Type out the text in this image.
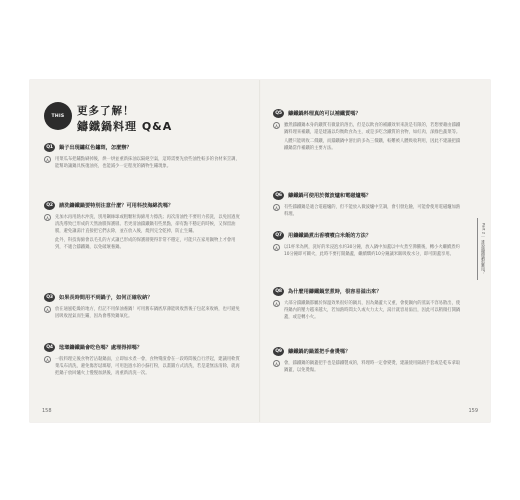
THIS	更多了解！
鑄鐵鍋料理 Q&A
Q1	鍋子出現鏽紅色鏽斑，怎麼辦？
A	用菜瓜布把鏽點刷掉後，烘一烘並重新抹油以隔絕空氣，這時需要先放些油性較多的食材來烹調，能幫助讓鍋具恢復油亮，也能減少一定程度的鍋物生鏽現象。

Q2	請洗鑄鐵鍋要特別注意什麼？可用科技海綿洗嗎？
A	先加水再用熱水沖洗，別用鋼絲球或粗顆粒海綿用力擦洗；再次清油性不要用力搓洗，以免因過度清洗導致已形成的天然油膜保護層。若更清油鑄鐵鍋有些黑點，卻有點不穩定的時候，又保留油膜，避免讓湯汁直接把它們去除，並在放入後，燒到完全乾掉，防止生鏽。

此外，科技海綿會以毛孔的方式讓已形成的保護層變得非常不穩定，可能只在家用鍋物上才會用到，不適合鑄鐵鍋，以免破壞養鍋。

Q3	如果長時間用不到鍋子，如何正確收納？
A	放在通風乾燥的地方，但記不用保油養鍋！可用舊布鍋底厚薄能吸收然後子包起來收納，也可避免因吸收溼氣而生鏽，因為會導致鍋氧化。

Q4	琺瑯鑄鐵鍋會吃色嗎？處理得掉嗎？
A	一般料理完後食物若沾黏鍋面，立即加水煮一會，食物殘渣會在一段時間後自行浮起，建議用軟質菜瓜布清洗，避免傷害琺瑯層，可用泡過水的小蘇打粉，以畫圓方式清洗，若是還無法清除，就再把鍋子放回爐火上慢慢加熱後，再重新清洗一次。

158
Q5	鑄鐵鍋料理真的可以補鐵質嗎？
A	雖然鑄鐵鍋本身的鐵質有微量的溶出，但是以飲食的補鐵效果來說是有限的，若想要藉由鑄鐵鍋料理來補鐵，還是建議以均衡飲食為主，或是多吃含鐵質的食物，如紅肉、深綠色蔬菜等。

人體只能吸收二價鐵，而鑄鐵鍋中溶出的多為三價鐵，較難被人體吸收利用，因此不建議把鑄鐵鍋當作補鐵的主要方法。

Q6	鑄鐵鍋可使用於微波爐和電磁爐嗎？
A	有些鑄鐵鍋是適合電磁爐的，但不能放入微波爐中烹調，會引發危險，可能會使用電磁爐加熱料理。

Q7	用鑄鐵鍋煮出香噴噴白米飯的方法？
A	以1杯米為例，洗好的米浸泡水約30分鐘，放入鍋中加蓋以中火煮至沸騰後，轉小火繼續煮約10分鐘即可關火，此時不要打開鍋蓋，繼續燜約10分鐘讓米飯吸收水分，即可開蓋享用。

Q8	為什麼用鑄鐵鍋烹煮時，很容易溢出來？
A	大部分鑄鐵鍋都屬於保溫效果很好的鍋具，因為鍋蓋大又重，會使鍋內的蒸氣不容易散出，使得鍋內的壓力越來越大，若加熱時間太久或火力太大，湯汁就容易溢出，因此可以稍微打開鍋蓋，或是轉小火。

Q9	鑄鐵鍋的鍋蓋把手會燙嗎？
A	會，鑄鐵鍋的鍋蓋把手也是鑄鐵製成的，料理時一定會變燙，建議使用隔熱手套或是乾布拿取鍋蓋，以免燙傷。

Part 2 ｜ 誰說鑄鐵鍋很難用？
159
